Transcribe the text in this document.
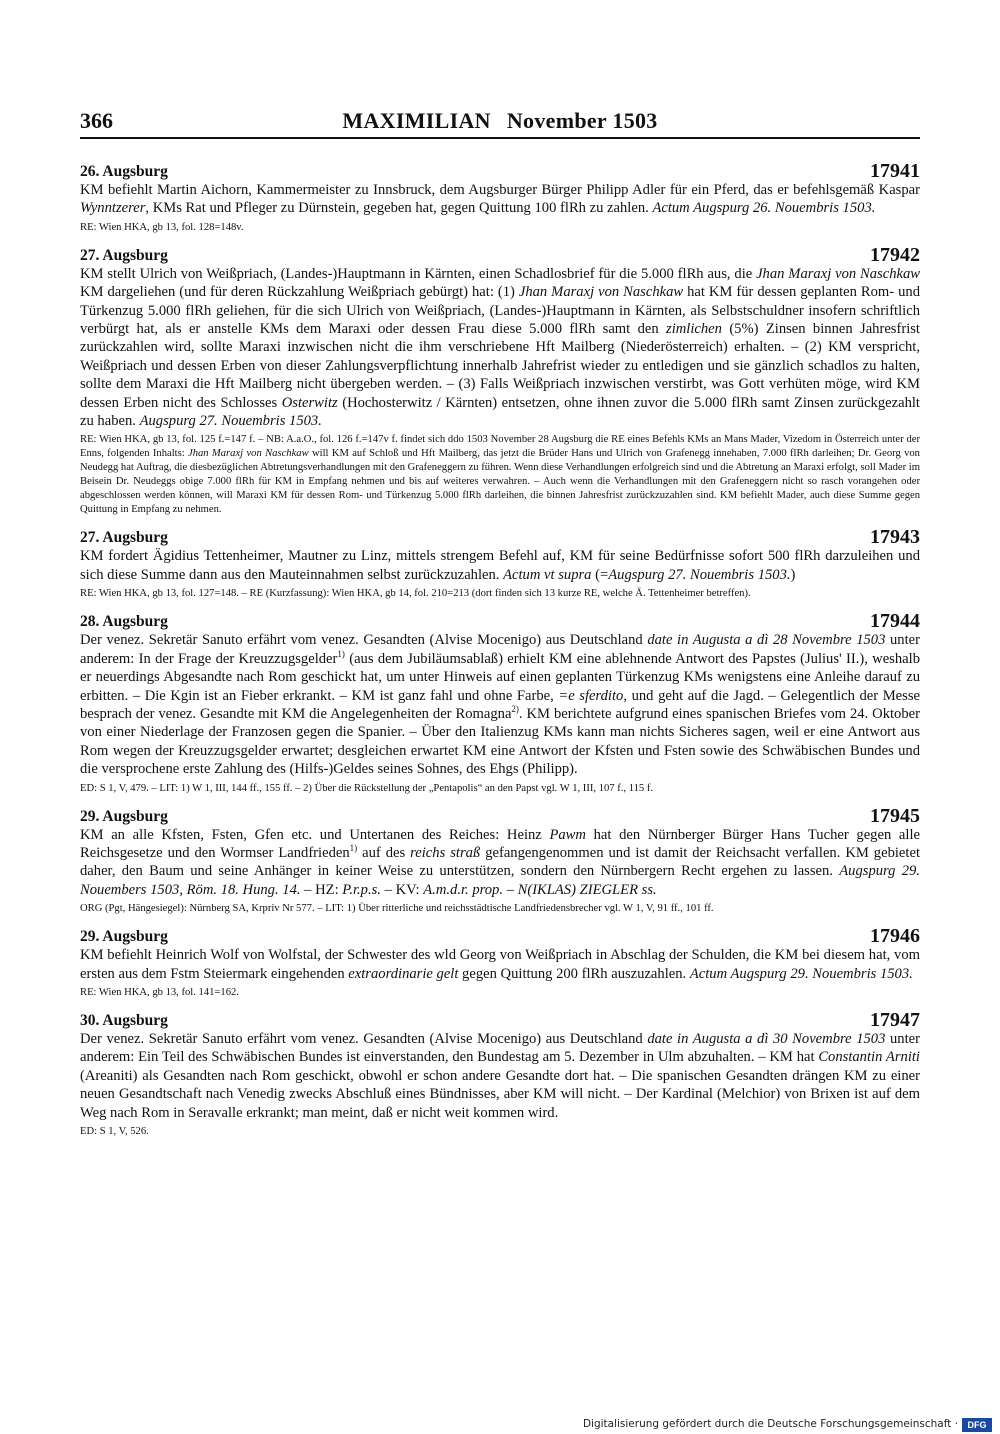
366	MAXIMILIAN November 1503
26. Augsburg	17941

KM befiehlt Martin Aichorn, Kammermeister zu Innsbruck, dem Augsburger Bürger Philipp Adler für ein Pferd, das er befehlsgemäß Kaspar Wynntzerer, KMs Rat und Pfleger zu Dürnstein, gegeben hat, gegen Quittung 100 flRh zu zahlen. Actum Augspurg 26. Nouembris 1503.

RE: Wien HKA, gb 13, fol. 128=148v.

27. Augsburg	17942

KM stellt Ulrich von Weißpriach, (Landes-)Hauptmann in Kärnten, einen Schadlosbrief für die 5.000 flRh aus, die Jhan Maraxj von Naschkaw KM dargeliehen (und für deren Rückzahlung Weißpriach gebürgt) hat: (1) Jhan Maraxj von Naschkaw hat KM für dessen geplanten Rom- und Türkenzug 5.000 flRh geliehen, für die sich Ulrich von Weißpriach, (Landes-)Hauptmann in Kärnten, als Selbstschuldner insofern schriftlich verbürgt hat, als er anstelle KMs dem Maraxi oder dessen Frau diese 5.000 flRh samt den zimlichen (5%) Zinsen binnen Jahresfrist zurückzahlen wird, sollte Maraxi inzwischen nicht die ihm verschriebene Hft Mailberg (Niederösterreich) erhalten. – (2) KM verspricht, Weißpriach und dessen Erben von dieser Zahlungsverpflichtung innerhalb Jahrefrist wieder zu entledigen und sie gänzlich schadlos zu halten, sollte dem Maraxi die Hft Mailberg nicht übergeben werden. – (3) Falls Weißpriach inzwischen verstirbt, was Gott verhüten möge, wird KM dessen Erben nicht des Schlosses Osterwitz (Hochosterwitz / Kärnten) entsetzen, ohne ihnen zuvor die 5.000 flRh samt Zinsen zurückgezahlt zu haben. Augspurg 27. Nouembris 1503.

RE: Wien HKA, gb 13, fol. 125 f.=147 f. – NB: A.a.O., fol. 126 f.=147v f. findet sich ddo 1503 November 28 Augsburg die RE eines Befehls KMs an Mans Mader, Vizedom in Österreich unter der Enns, folgenden Inhalts: Jhan Maraxj von Naschkaw will KM auf Schloß und Hft Mailberg, das jetzt die Brüder Hans und Ulrich von Grafenegg innehaben, 7.000 flRh darleihen; Dr. Georg von Neudegg hat Auftrag, die diesbezüglichen Abtretungsverhandlungen mit den Grafeneggern zu führen. Wenn diese Verhandlungen erfolgreich sind und die Abtretung an Maraxi erfolgt, soll Mader im Beisein Dr. Neudeggs obige 7.000 flRh für KM in Empfang nehmen und bis auf weiteres verwahren. – Auch wenn die Verhandlungen mit den Grafeneggern nicht so rasch vorangehen oder abgeschlossen werden können, will Maraxi KM für dessen Rom- und Türkenzug 5.000 flRh darleihen, die binnen Jahresfrist zurückzuzahlen sind. KM befiehlt Mader, auch diese Summe gegen Quittung in Empfang zu nehmen.

27. Augsburg	17943

KM fordert Ägidius Tettenheimer, Mautner zu Linz, mittels strengem Befehl auf, KM für seine Bedürfnisse sofort 500 flRh darzuleihen und sich diese Summe dann aus den Mauteinnahmen selbst zurückzuzahlen. Actum vt supra (=Augspurg 27. Nouembris 1503.)

RE: Wien HKA, gb 13, fol. 127=148. – RE (Kurzfassung): Wien HKA, gb 14, fol. 210=213 (dort finden sich 13 kurze RE, welche Ä. Tettenheimer betreffen).

28. Augsburg	17944

Der venez. Sekretär Sanuto erfährt vom venez. Gesandten (Alvise Mocenigo) aus Deutschland date in Augusta a dì 28 Novembre 1503 unter anderem: In der Frage der Kreuzzugsgelder$^{1)}$ (aus dem Jubiläumsablaß) erhielt KM eine ablehnende Antwort des Papstes (Julius' II.), weshalb er neuerdings Abgesandte nach Rom geschickt hat, um unter Hinweis auf einen geplanten Türkenzug KMs wenigstens eine Anleihe darauf zu erbitten. – Die Kgin ist an Fieber erkrankt. – KM ist ganz fahl und ohne Farbe, =e sferdito, und geht auf die Jagd. – Gelegentlich der Messe besprach der venez. Gesandte mit KM die Angelegenheiten der Romagna$^{2)}$. KM berichtete aufgrund eines spanischen Briefes vom 24. Oktober von einer Niederlage der Franzosen gegen die Spanier. – Über den Italienzug KMs kann man nichts Sicheres sagen, weil er eine Antwort aus Rom wegen der Kreuzzugsgelder erwartet; desgleichen erwartet KM eine Antwort der Kfsten und Fsten sowie des Schwäbischen Bundes und die versprochene erste Zahlung des (Hilfs-)Geldes seines Sohnes, des Ehgs (Philipp).

ED: S 1, V, 479. – LIT: 1) W 1, III, 144 ff., 155 ff. – 2) Über die Rückstellung der „Pentapolis“ an den Papst vgl. W 1, III, 107 f., 115 f.

29. Augsburg	17945

KM an alle Kfsten, Fsten, Gfen etc. und Untertanen des Reiches: Heinz Pawm hat den Nürnberger Bürger Hans Tucher gegen alle Reichsgesetze und den Wormser Landfrieden$^{1)}$ auf des reichs straß gefangengenommen und ist damit der Reichsacht verfallen. KM gebietet daher, den Baum und seine Anhänger in keiner Weise zu unterstützen, sondern den Nürnbergern Recht ergehen zu lassen. Augspurg 29. Nouembers 1503, Röm. 18. Hung. 14. – HZ: P.r.p.s. – KV: A.m.d.r. prop. – N(IKLAS) ZIEGLER ss.

ORG (Pgt, Hängesiegel): Nürnberg SA, Krpriv Nr 577. – LIT: 1) Über ritterliche und reichsstädtische Landfriedensbrecher vgl. W 1, V, 91 ff., 101 ff.

29. Augsburg	17946

KM befiehlt Heinrich Wolf von Wolfstal, der Schwester des wld Georg von Weißpriach in Abschlag der Schulden, die KM bei diesem hat, vom ersten aus dem Fstm Steiermark eingehenden extraordinarie gelt gegen Quittung 200 flRh auszuzahlen. Actum Augspurg 29. Nouembris 1503.

RE: Wien HKA, gb 13, fol. 141=162.

30. Augsburg	17947

Der venez. Sekretär Sanuto erfährt vom venez. Gesandten (Alvise Mocenigo) aus Deutschland date in Augusta a dì 30 Novembre 1503 unter anderem: Ein Teil des Schwäbischen Bundes ist einverstanden, den Bundestag am 5. Dezember in Ulm abzuhalten. – KM hat Constantin Arniti (Areaniti) als Gesandten nach Rom geschickt, obwohl er schon andere Gesandte dort hat. – Die spanischen Gesandten drängen KM zu einer neuen Gesandtschaft nach Venedig zwecks Abschluß eines Bündnisses, aber KM will nicht. – Der Kardinal (Melchior) von Brixen ist auf dem Weg nach Rom in Seravalle erkrankt; man meint, daß er nicht weit kommen wird.

ED: S 1, V, 526.

Digitalisierung gefördert durch die Deutsche Forschungsgemeinschaft ·	DFG
